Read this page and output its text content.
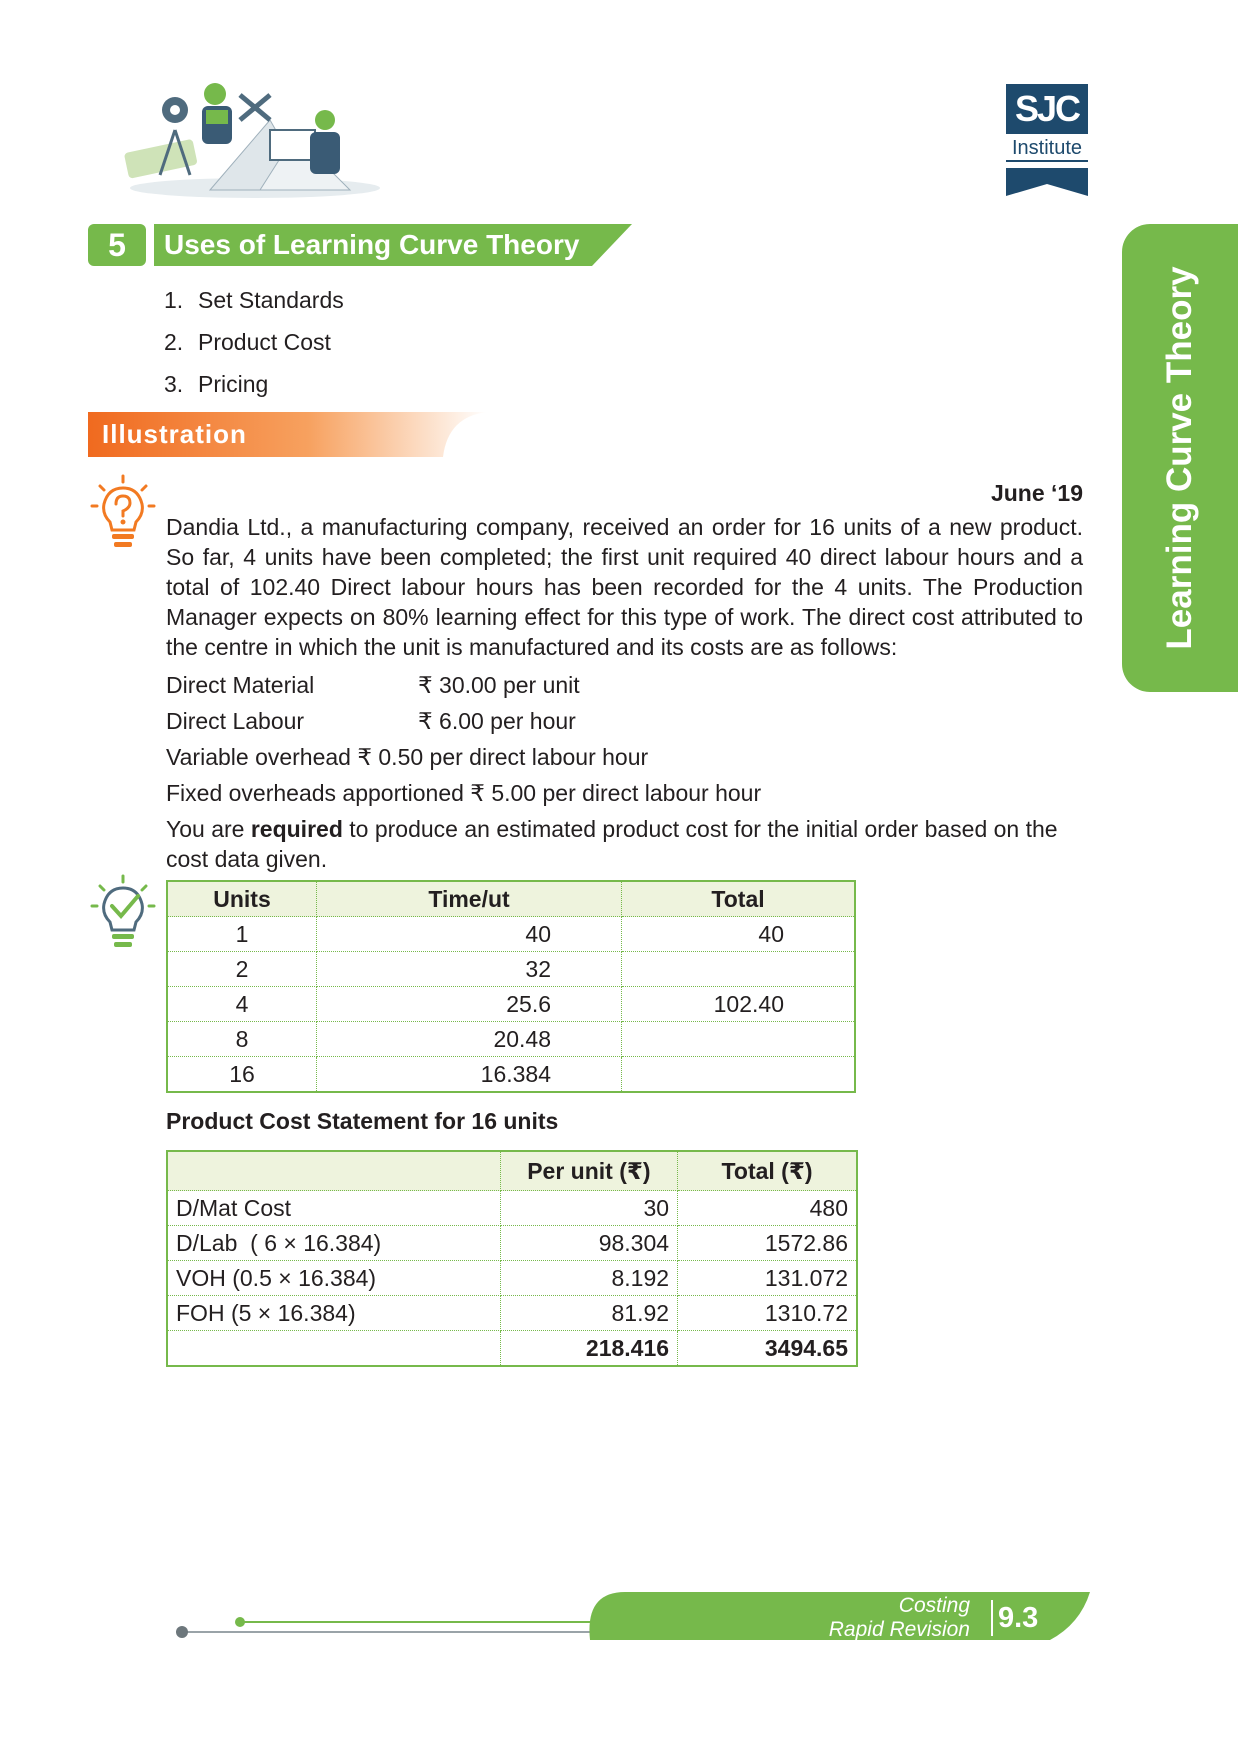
SJC
Institute
Learning Curve Theory
5	Uses of Learning Curve Theory
1. Set Standards
2. Product Cost
3. Pricing
Illustration
June ‘19

Dandia Ltd., a manufacturing company, received an order for 16 units of a new product. So far, 4 units have been completed; the first unit required 40 direct labour hours and a total of 102.40 Direct labour hours has been recorded for the 4 units. The Production Manager expects on 80% learning effect for this type of work. The direct cost attributed to the centre in which the unit is manufactured and its costs are as follows:

Direct Material	₹ 30.00 per unit
Direct Labour	₹ 6.00 per hour
Variable overhead ₹ 0.50 per direct labour hour
Fixed overheads apportioned ₹ 5.00 per direct labour hour

You are required to produce an estimated product cost for the initial order based on the cost data given.

Units	Time/ut	Total
1	40	40
2	32	
4	25.6	102.40
8	20.48	
16	16.384	
Product Cost Statement for 16 units
	Per unit (₹)	Total (₹)
D/Mat Cost	30	480
D/Lab  ( 6 × 16.384)	98.304	1572.86
VOH (0.5 × 16.384)	8.192	131.072
FOH (5 × 16.384)	81.92	1310.72
	218.416	3494.65
Costing
Rapid Revision 9.3
